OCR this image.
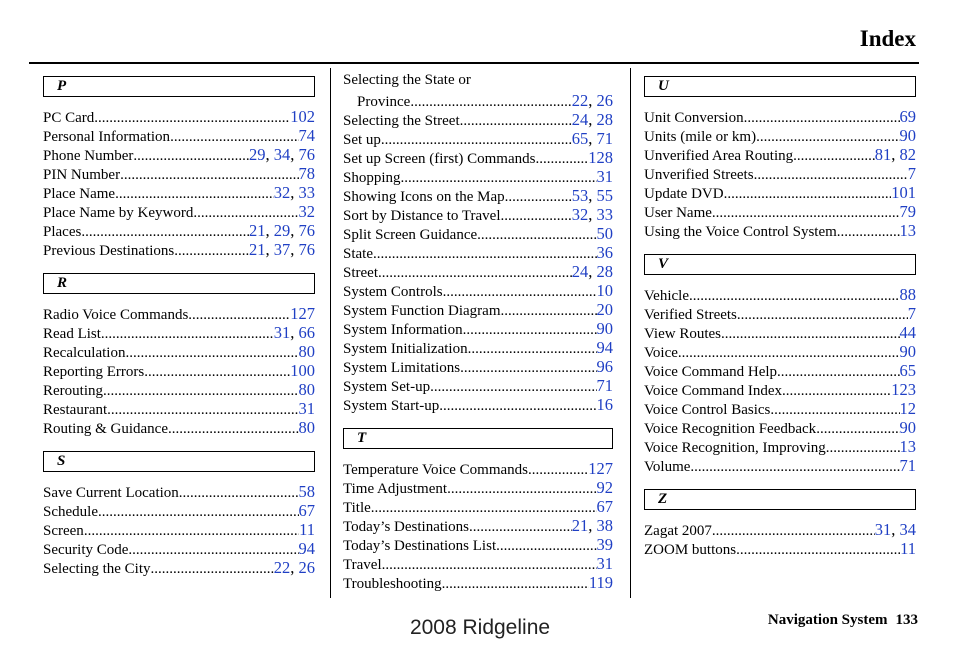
Index
P
PC Card .....	102
Personal Information .....	74
Phone Number .....	29, 34, 76
PIN Number .....	78
Place Name .....	32, 33
Place Name by Keyword .....	32
Places .....	21, 29, 76
Previous Destinations .....	21, 37, 76
R
Radio Voice Commands .....	127
Read List .....	31, 66
Recalculation .....	80
Reporting Errors .....	100
Rerouting .....	80
Restaurant .....	31
Routing & Guidance .....	80
S
Save Current Location .....	58
Schedule .....	67
Screen .....	11
Security Code .....	94
Selecting the City .....	22, 26
Selecting the State or
Province .....	22, 26
Selecting the Street .....	24, 28
Set up .....	65, 71
Set up Screen (first) Commands .....	128
Shopping .....	31
Showing Icons on the Map .....	53, 55
Sort by Distance to Travel .....	32, 33
Split Screen Guidance .....	50
State .....	36
Street .....	24, 28
System Controls .....	10
System Function Diagram .....	20
System Information .....	90
System Initialization .....	94
System Limitations .....	96
System Set-up .....	71
System Start-up .....	16
T
Temperature Voice Commands .....	127
Time Adjustment .....	92
Title .....	67
Today’s Destinations .....	21, 38
Today’s Destinations List .....	39
Travel .....	31
Troubleshooting .....	119
U
Unit Conversion .....	69
Units (mile or km) .....	90
Unverified Area Routing .....	81, 82
Unverified Streets .....	7
Update DVD .....	101
User Name .....	79
Using the Voice Control System .....	13
V
Vehicle .....	88
Verified Streets .....	7
View Routes .....	44
Voice .....	90
Voice Command Help .....	65
Voice Command Index .....	123
Voice Control Basics .....	12
Voice Recognition Feedback .....	90
Voice Recognition, Improving .....	13
Volume .....	71
Z
Zagat 2007 .....	31, 34
ZOOM buttons .....	11
Navigation System 133
2008 Ridgeline
